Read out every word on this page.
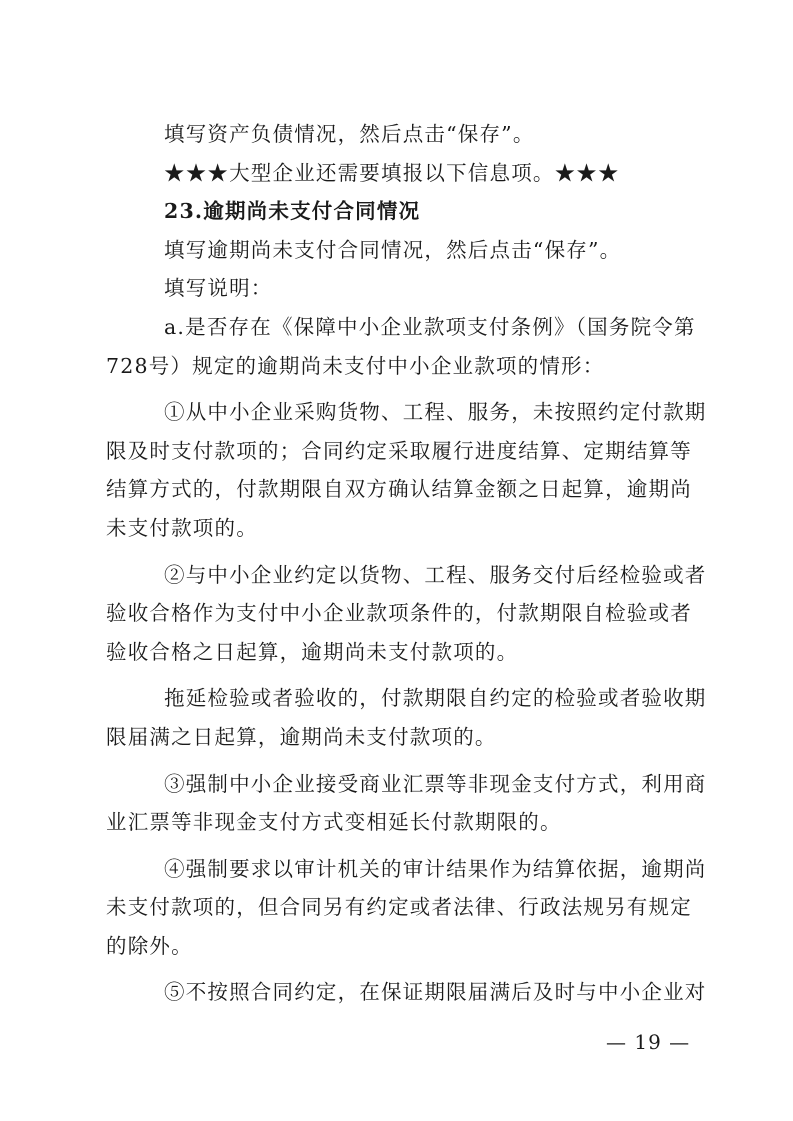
填写资产负债情况，然后点击“保存”。
★★★大型企业还需要填报以下信息项。★★★
23.逾期尚未支付合同情况
填写逾期尚未支付合同情况，然后点击“保存”。
填写说明：
a.是否存在《保障中小企业款项支付条例》（国务院令第
728号）规定的逾期尚未支付中小企业款项的情形：
①从中小企业采购货物、工程、服务，未按照约定付款期
限及时支付款项的；合同约定采取履行进度结算、定期结算等
结算方式的，付款期限自双方确认结算金额之日起算，逾期尚
未支付款项的。
②与中小企业约定以货物、工程、服务交付后经检验或者
验收合格作为支付中小企业款项条件的，付款期限自检验或者
验收合格之日起算，逾期尚未支付款项的。
拖延检验或者验收的，付款期限自约定的检验或者验收期
限届满之日起算，逾期尚未支付款项的。
③强制中小企业接受商业汇票等非现金支付方式，利用商
业汇票等非现金支付方式变相延长付款期限的。
④强制要求以审计机关的审计结果作为结算依据，逾期尚
未支付款项的，但合同另有约定或者法律、行政法规另有规定
的除外。
⑤不按照合同约定，在保证期限届满后及时与中小企业对
— 19 —
